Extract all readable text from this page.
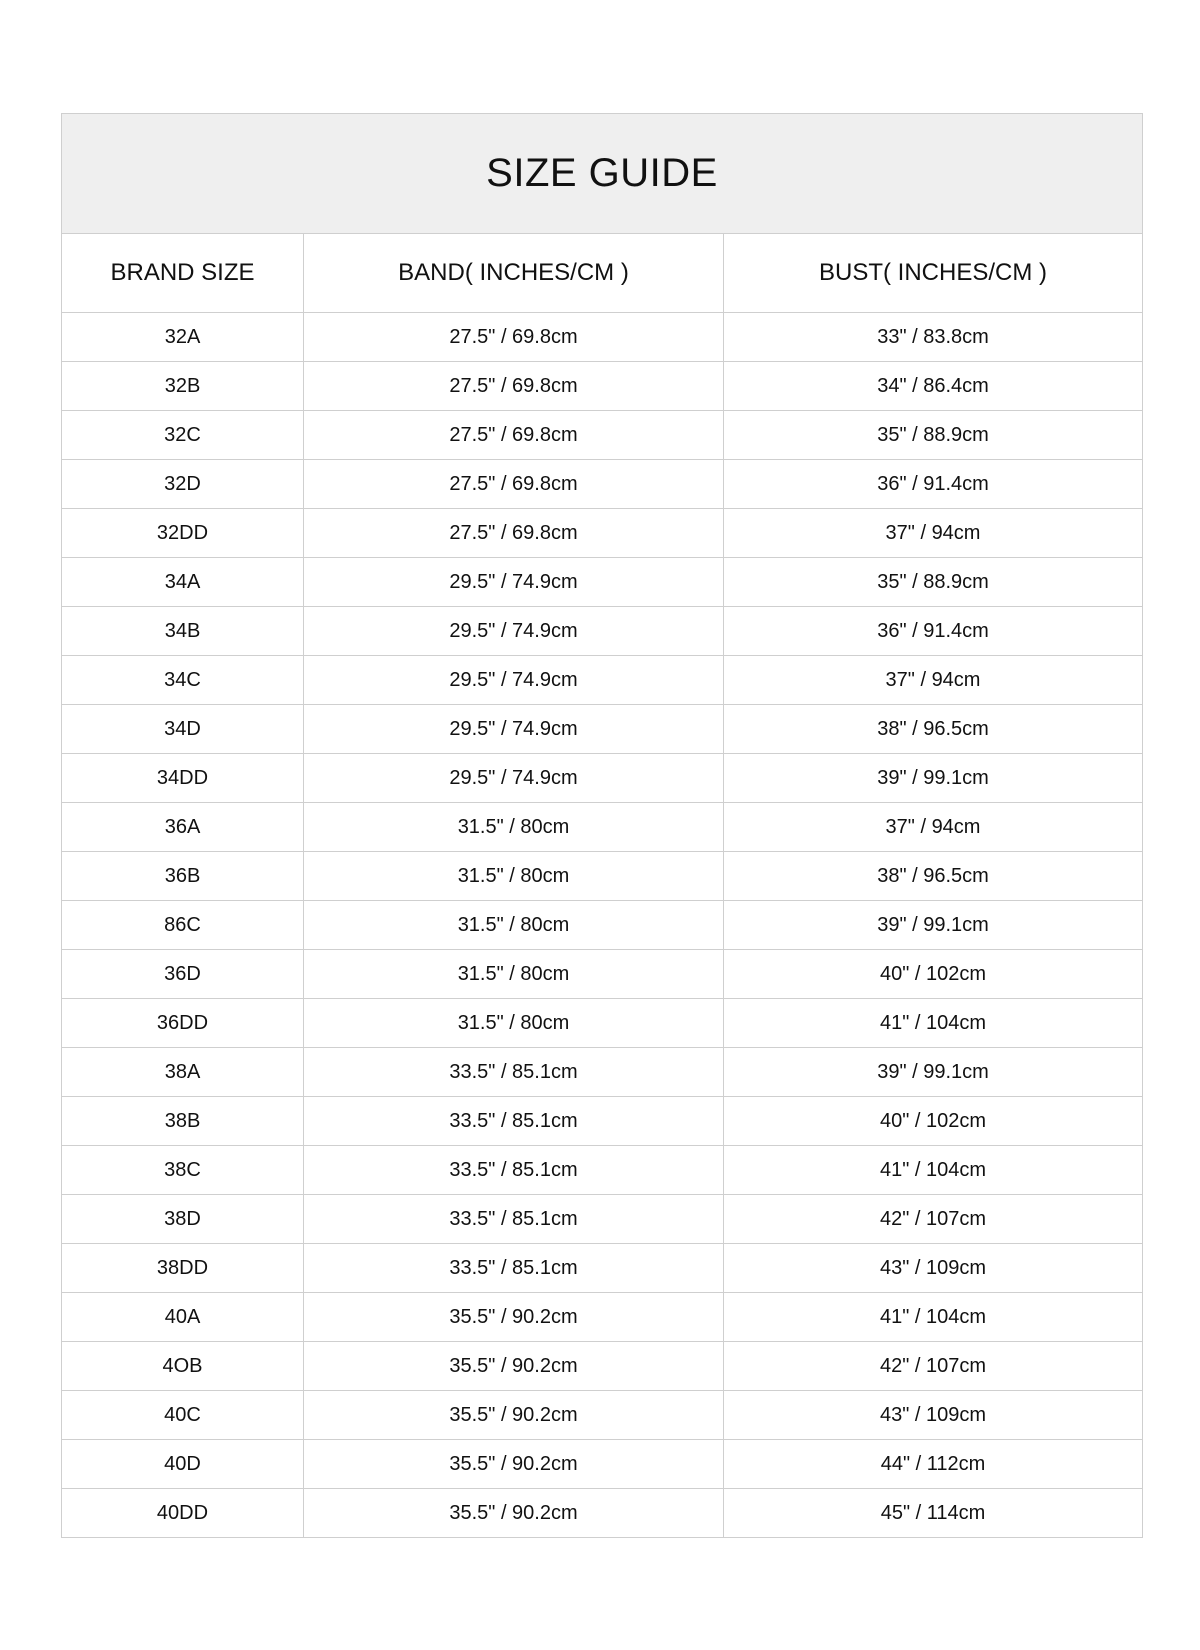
SIZE GUIDE		
BRAND SIZE	BAND( INCHES/CM )	BUST( INCHES/CM )
32A	27.5" / 69.8cm	33" / 83.8cm
32B	27.5" / 69.8cm	34" / 86.4cm
32C	27.5" / 69.8cm	35" / 88.9cm
32D	27.5" / 69.8cm	36" / 91.4cm
32DD	27.5" / 69.8cm	37" / 94cm
34A	29.5" / 74.9cm	35" / 88.9cm
34B	29.5" / 74.9cm	36" / 91.4cm
34C	29.5" / 74.9cm	37" / 94cm
34D	29.5" / 74.9cm	38" / 96.5cm
34DD	29.5" / 74.9cm	39" / 99.1cm
36A	31.5" / 80cm	37" / 94cm
36B	31.5" / 80cm	38" / 96.5cm
86C	31.5" / 80cm	39" / 99.1cm
36D	31.5" / 80cm	40" / 102cm
36DD	31.5" / 80cm	41" / 104cm
38A	33.5" / 85.1cm	39" / 99.1cm
38B	33.5" / 85.1cm	40" / 102cm
38C	33.5" / 85.1cm	41" / 104cm
38D	33.5" / 85.1cm	42" / 107cm
38DD	33.5" / 85.1cm	43" / 109cm
40A	35.5" / 90.2cm	41" / 104cm
4OB	35.5" / 90.2cm	42" / 107cm
40C	35.5" / 90.2cm	43" / 109cm
40D	35.5" / 90.2cm	44" / 112cm
40DD	35.5" / 90.2cm	45" / 114cm
